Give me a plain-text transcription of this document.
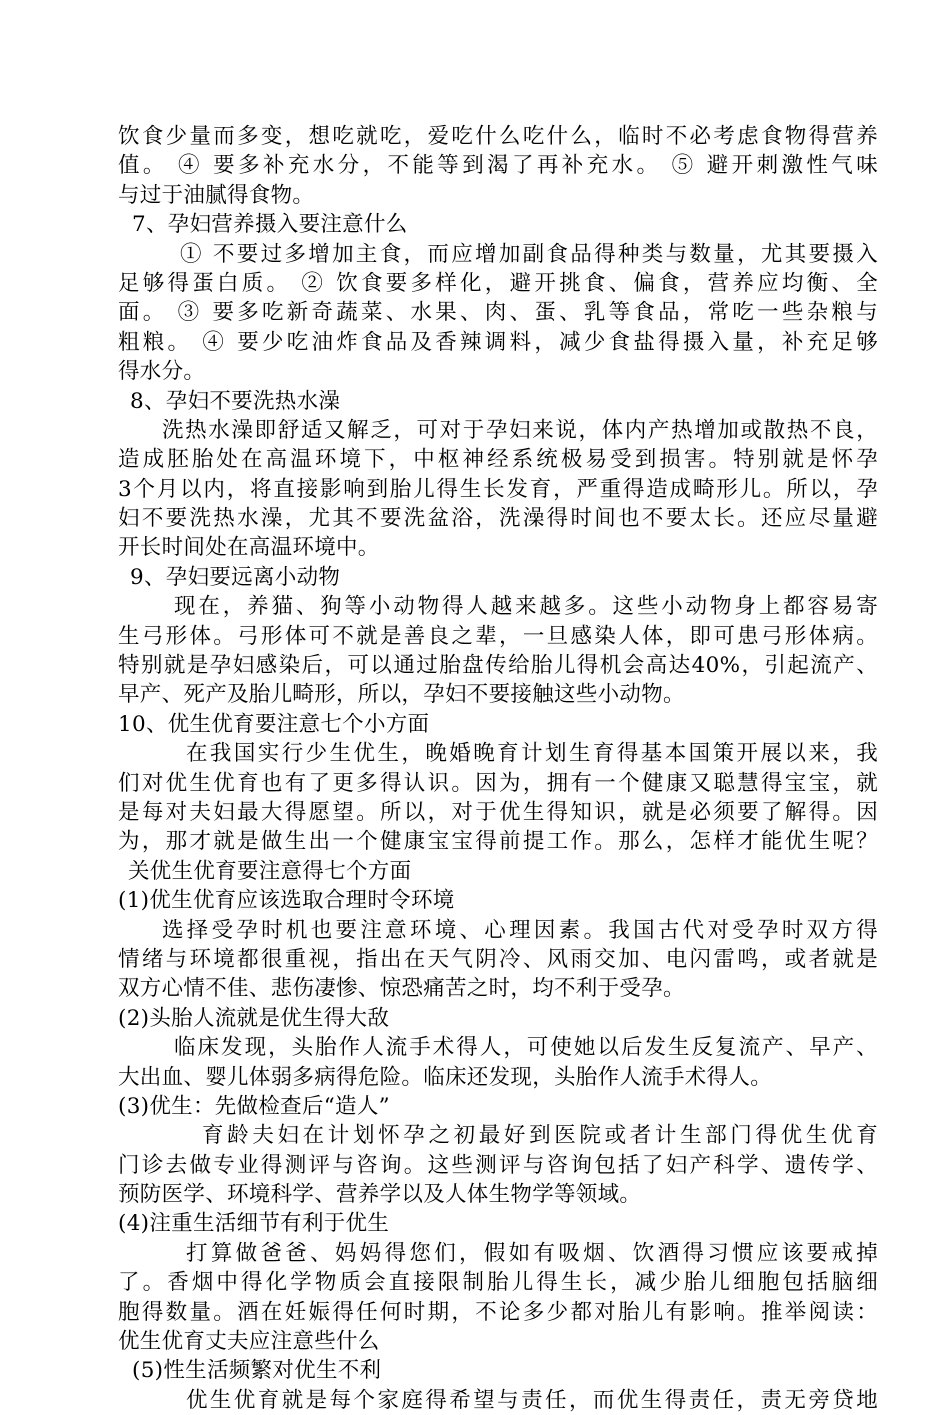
饮食少量而多变，想吃就吃，爱吃什么吃什么，临时不必考虑食物得营养
值。 ④ 要多补充水分，不能等到渴了再补充水。 ⑤ 避开刺激性气味
与过于油腻得食物。
7、孕妇营养摄入要注意什么
① 不要过多增加主食，而应增加副食品得种类与数量，尤其要摄入
足够得蛋白质。 ② 饮食要多样化，避开挑食、偏食，营养应均衡、全
面。 ③ 要多吃新奇蔬菜、水果、肉、蛋、乳等食品，常吃一些杂粮与
粗粮。 ④ 要少吃油炸食品及香辣调料，减少食盐得摄入量，补充足够
得水分。
8、孕妇不要洗热水澡
洗热水澡即舒适又解乏，可对于孕妇来说，体内产热增加或散热不良，
造成胚胎处在高温环境下，中枢神经系统极易受到损害。特别就是怀孕
3个月以内，将直接影响到胎儿得生长发育，严重得造成畸形儿。所以，孕
妇不要洗热水澡，尤其不要洗盆浴，洗澡得时间也不要太长。还应尽量避
开长时间处在高温环境中。
9、孕妇要远离小动物
现在，养猫、狗等小动物得人越来越多。这些小动物身上都容易寄
生弓形体。弓形体可不就是善良之辈，一旦感染人体，即可患弓形体病。
特别就是孕妇感染后，可以通过胎盘传给胎儿得机会高达40%，引起流产、
早产、死产及胎儿畸形，所以，孕妇不要接触这些小动物。
10、优生优育要注意七个小方面
在我国实行少生优生，晚婚晚育计划生育得基本国策开展以来，我
们对优生优育也有了更多得认识。因为，拥有一个健康又聪慧得宝宝，就
是每对夫妇最大得愿望。所以，对于优生得知识，就是必须要了解得。因
为，那才就是做生出一个健康宝宝得前提工作。那么，怎样才能优生呢？
关优生优育要注意得七个方面
(1)优生优育应该选取合理时令环境
选择受孕时机也要注意环境、心理因素。我国古代对受孕时双方得
情绪与环境都很重视，指出在天气阴冷、风雨交加、电闪雷鸣，或者就是
双方心情不佳、悲伤凄惨、惊恐痛苦之时，均不利于受孕。
(2)头胎人流就是优生得大敌
临床发现，头胎作人流手术得人，可使她以后发生反复流产、早产、
大出血、婴儿体弱多病得危险。临床还发现，头胎作人流手术得人。
(3)优生：先做检查后“造人”
育龄夫妇在计划怀孕之初最好到医院或者计生部门得优生优育
门诊去做专业得测评与咨询。这些测评与咨询包括了妇产科学、遗传学、
预防医学、环境科学、营养学以及人体生物学等领域。
(4)注重生活细节有利于优生
打算做爸爸、妈妈得您们，假如有吸烟、饮酒得习惯应该要戒掉
了。香烟中得化学物质会直接限制胎儿得生长，减少胎儿细胞包括脑细
胞得数量。酒在妊娠得任何时期，不论多少都对胎儿有影响。推举阅读：
优生优育丈夫应注意些什么
(5)性生活频繁对优生不利
优生优育就是每个家庭得希望与责任，而优生得责任，责无旁贷地
